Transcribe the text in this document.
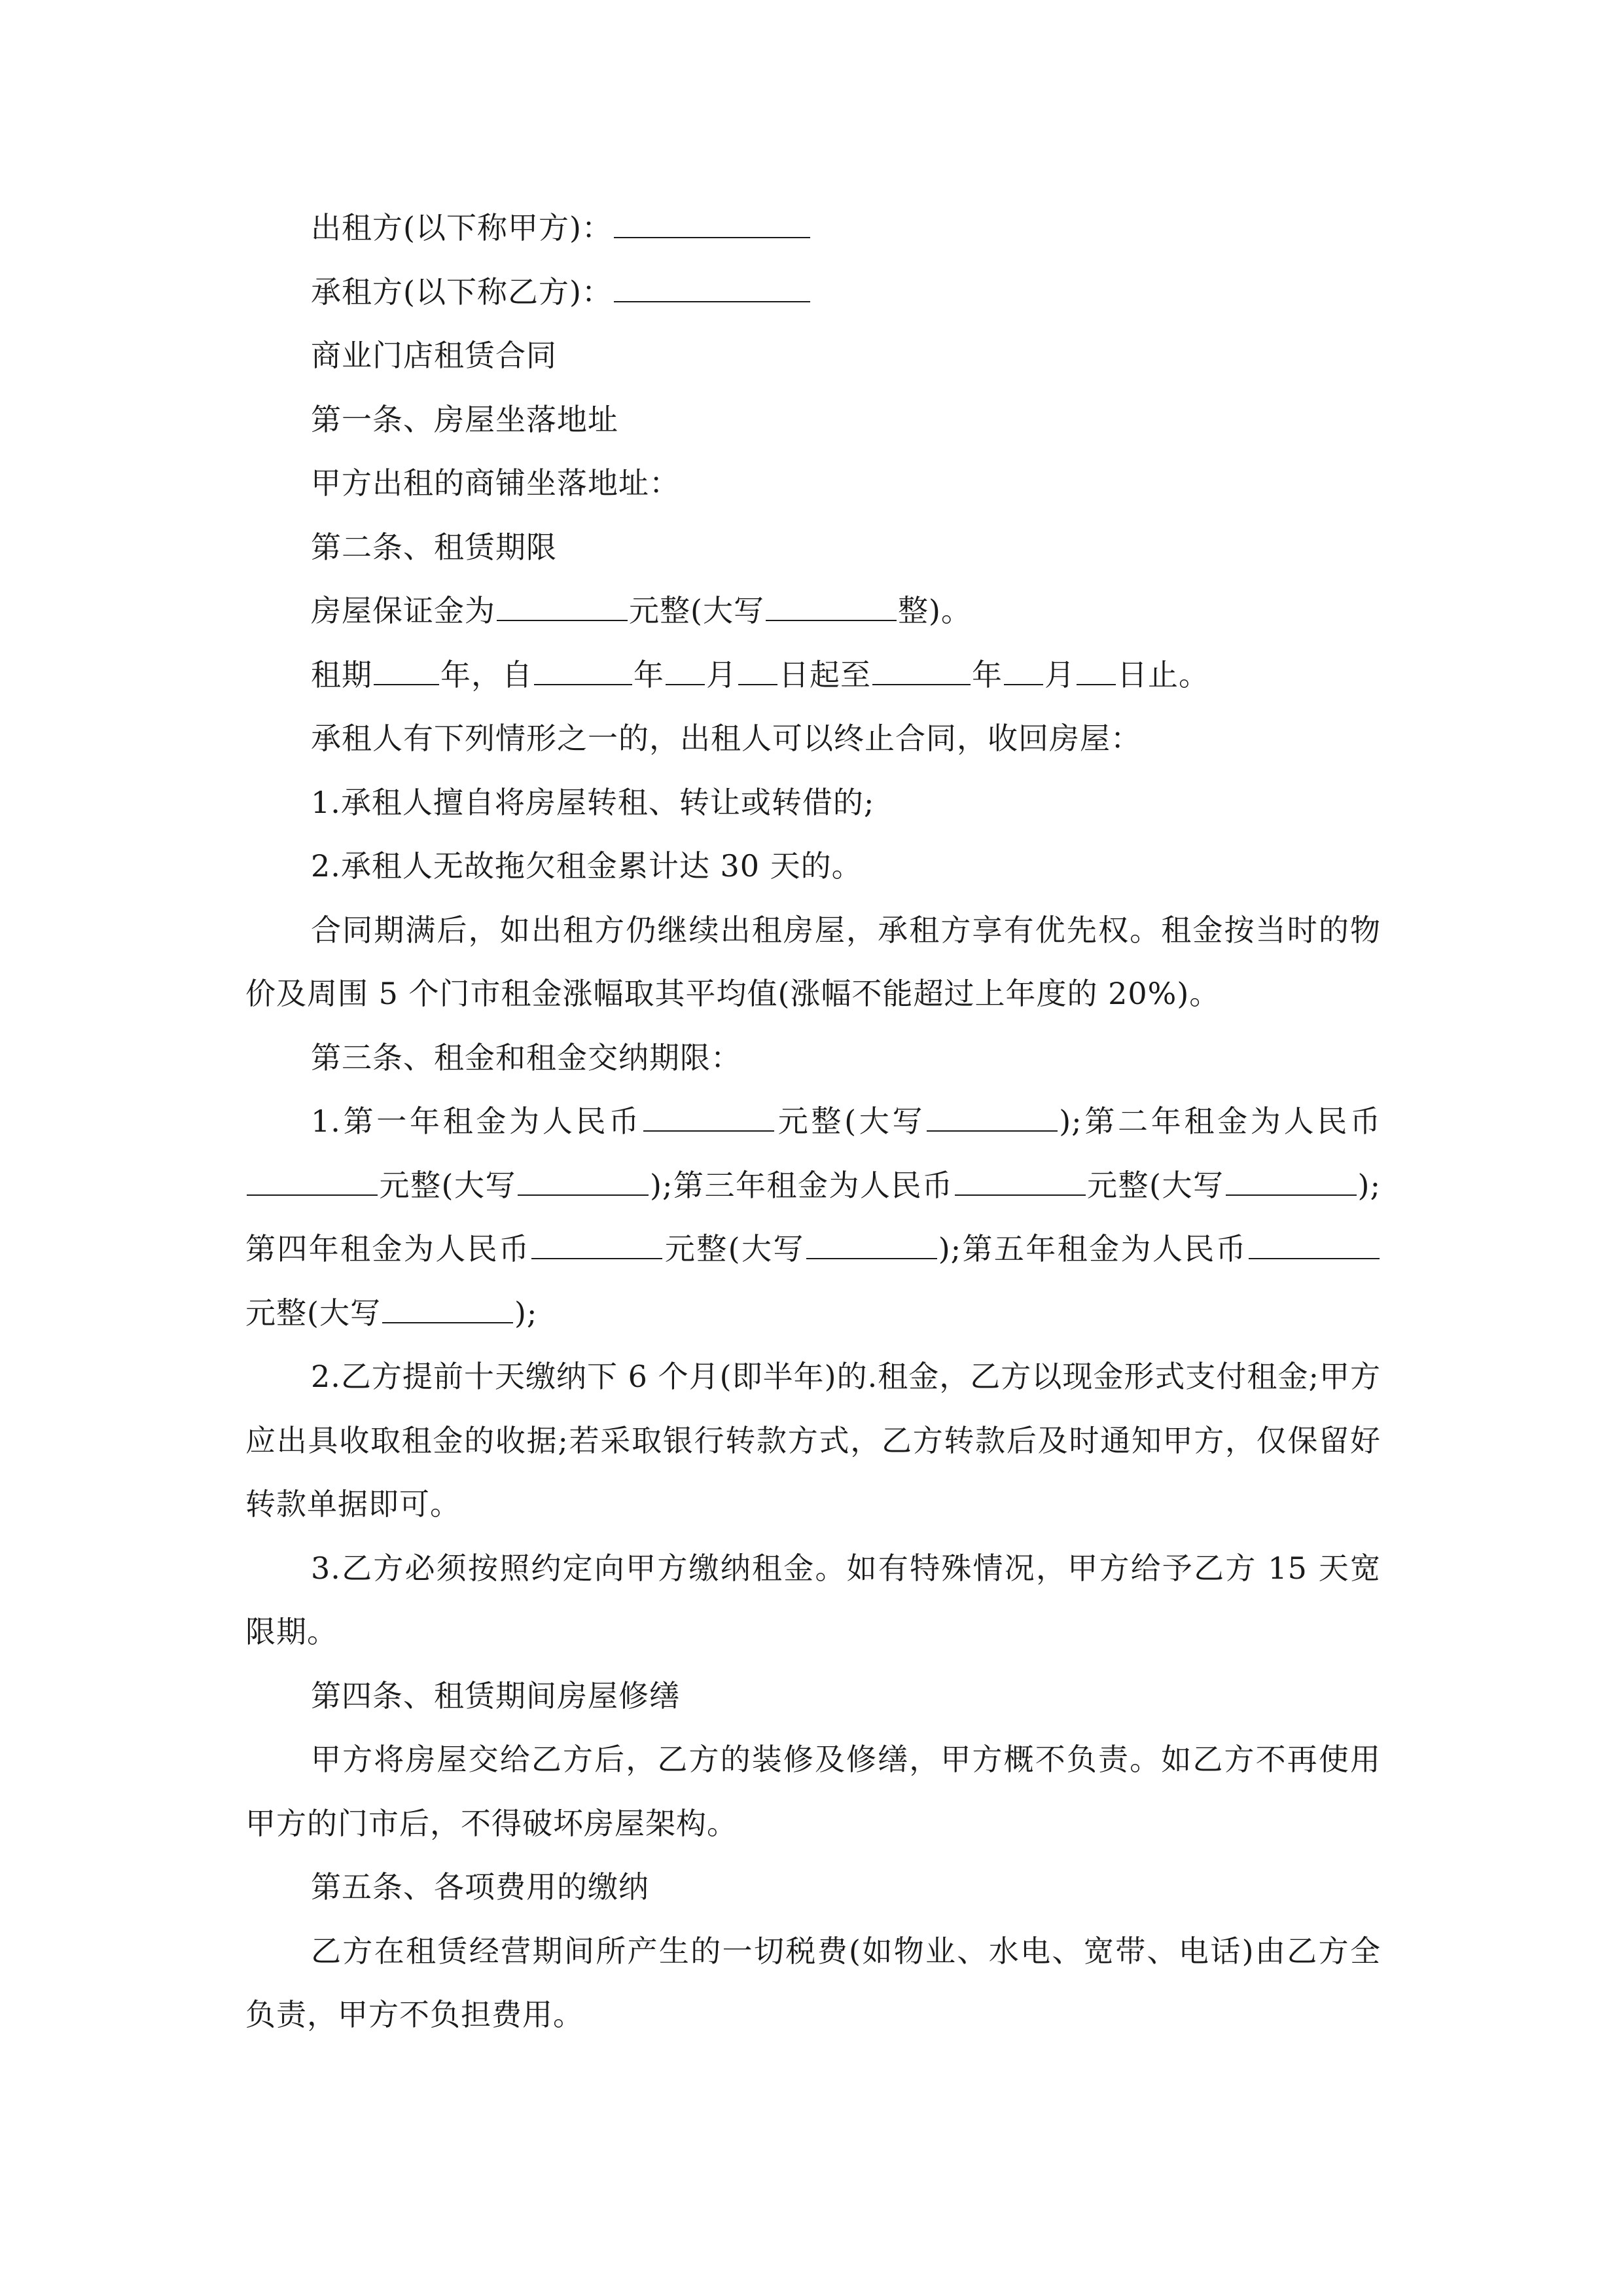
出租方(以下称甲方)：

承租方(以下称乙方)：

商业门店租赁合同

第一条、房屋坐落地址

甲方出租的商铺坐落地址：

第二条、租赁期限

房屋保证金为	元整(大写	整)。

租期 年，自	年 月 日起至	年 月 日止。

承租人有下列情形之一的，出租人可以终止合同，收回房屋：

1.承租人擅自将房屋转租、转让或转借的;

2.承租人无故拖欠租金累计达 30 天的。

合同期满后，如出租方仍继续出租房屋，承租方享有优先权。租金按当时的物价及周围 5 个门市租金涨幅取其平均值(涨幅不能超过上年度的 20%)。

第三条、租金和租金交纳期限：

1.第一年租金为人民币	元整(大写	);第二年租金为人民币元整(大写	);第三年租金为人民币	元整(大写	);第四年租金为人民币	元整(大写	);第五年租金为人民币元整(大写	);

2.乙方提前十天缴纳下 6 个月(即半年)的.租金，乙方以现金形式支付租金;甲方应出具收取租金的收据;若采取银行转款方式，乙方转款后及时通知甲方，仅保留好转款单据即可。

3.乙方必须按照约定向甲方缴纳租金。如有特殊情况，甲方给予乙方 15 天宽限期。

第四条、租赁期间房屋修缮

甲方将房屋交给乙方后，乙方的装修及修缮，甲方概不负责。如乙方不再使用甲方的门市后，不得破坏房屋架构。

第五条、各项费用的缴纳

乙方在租赁经营期间所产生的一切税费(如物业、水电、宽带、电话)由乙方全负责，甲方不负担费用。
